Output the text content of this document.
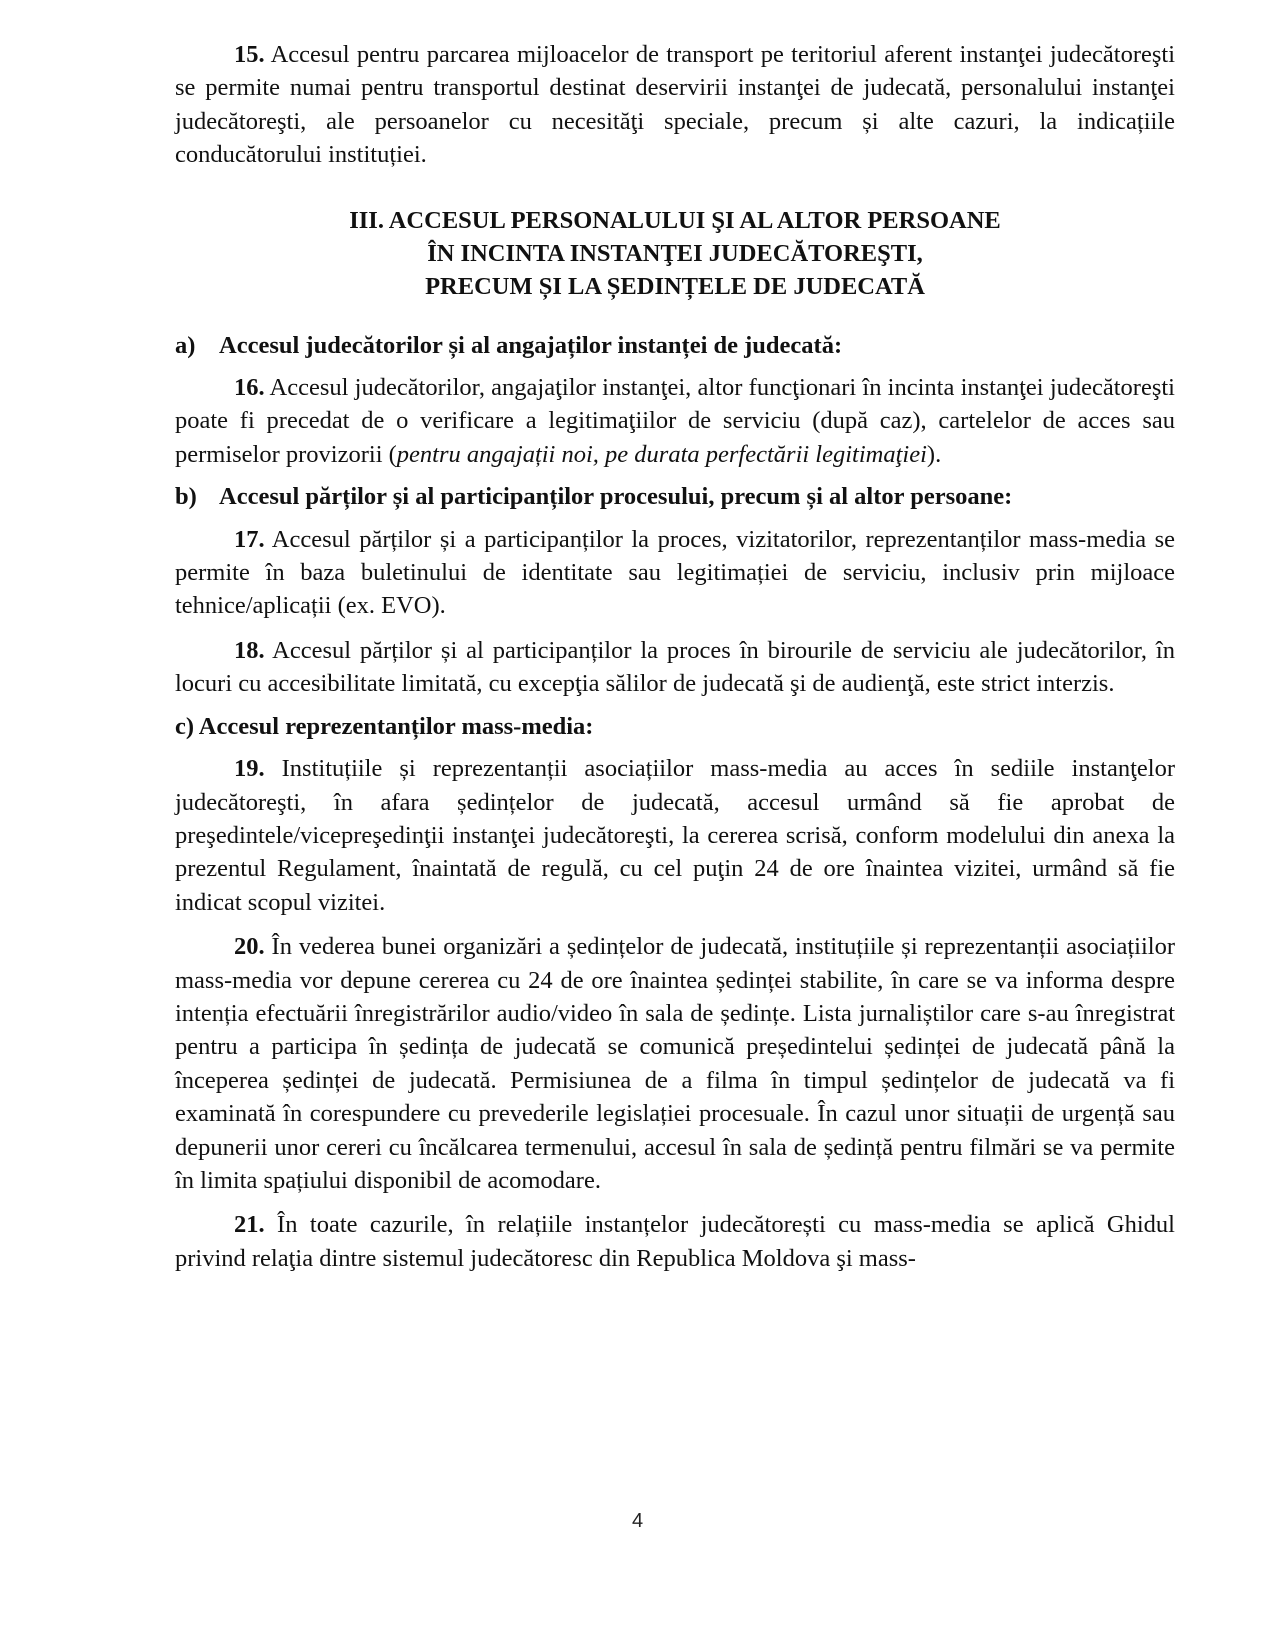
15. Accesul pentru parcarea mijloacelor de transport pe teritoriul aferent instanţei judecătoreşti se permite numai pentru transportul destinat deservirii instanţei de judecată, personalului instanţei judecătoreşti, ale persoanelor cu necesităţi speciale, precum și alte cazuri, la indicațiile conducătorului instituției.

III. ACCESUL PERSONALULUI ŞI AL ALTOR PERSOANE

ÎN INCINTA INSTANŢEI JUDECĂTOREŞTI,

PRECUM ȘI LA ȘEDINȚELE DE JUDECATĂ

a) Accesul judecătorilor și al angajaților instanței de judecată:

16. Accesul judecătorilor, angajaţilor instanţei, altor funcţionari în incinta instanţei judecătoreşti poate fi precedat de o verificare a legitimaţiilor de serviciu (după caz), cartelelor de acces sau permiselor provizorii (pentru angajații noi, pe durata perfectării legitimaţiei).

b) Accesul părților și al participanților procesului, precum și al altor persoane:

17. Accesul părților și a participanților la proces, vizitatorilor, reprezentanților mass-media se permite în baza buletinului de identitate sau legitimației de serviciu, inclusiv prin mijloace tehnice/aplicații (ex. EVO).

18. Accesul părților și al participanților la proces în birourile de serviciu ale judecătorilor, în locuri cu accesibilitate limitată, cu excepţia sălilor de judecată şi de audienţă, este strict interzis.

c) Accesul reprezentanților mass-media:

19. Instituțiile și reprezentanții asociațiilor mass-media au acces în sediile instanţelor judecătoreşti, în afara ședințelor de judecată, accesul urmând să fie aprobat de preşedintele/vicepreşedinţii instanţei judecătoreşti, la cererea scrisă, conform modelului din anexa la prezentul Regulament, înaintată de regulă, cu cel puţin 24 de ore înaintea vizitei, urmând să fie indicat scopul vizitei.

20. În vederea bunei organizări a ședințelor de judecată, instituțiile și reprezentanții asociațiilor mass-media vor depune cererea cu 24 de ore înaintea ședinței stabilite, în care se va informa despre intenția efectuării înregistrărilor audio/video în sala de ședințe. Lista jurnaliștilor care s-au înregistrat pentru a participa în ședința de judecată se comunică președintelui ședinței de judecată până la începerea ședinței de judecată. Permisiunea de a filma în timpul ședințelor de judecată va fi examinată în corespundere cu prevederile legislației procesuale. În cazul unor situații de urgență sau depunerii unor cereri cu încălcarea termenului, accesul în sala de ședință pentru filmări se va permite în limita spațiului disponibil de acomodare.

21. În toate cazurile, în relațiile instanțelor judecătorești cu mass-media se aplică Ghidul privind relaţia dintre sistemul judecătoresc din Republica Moldova şi mass-

4
